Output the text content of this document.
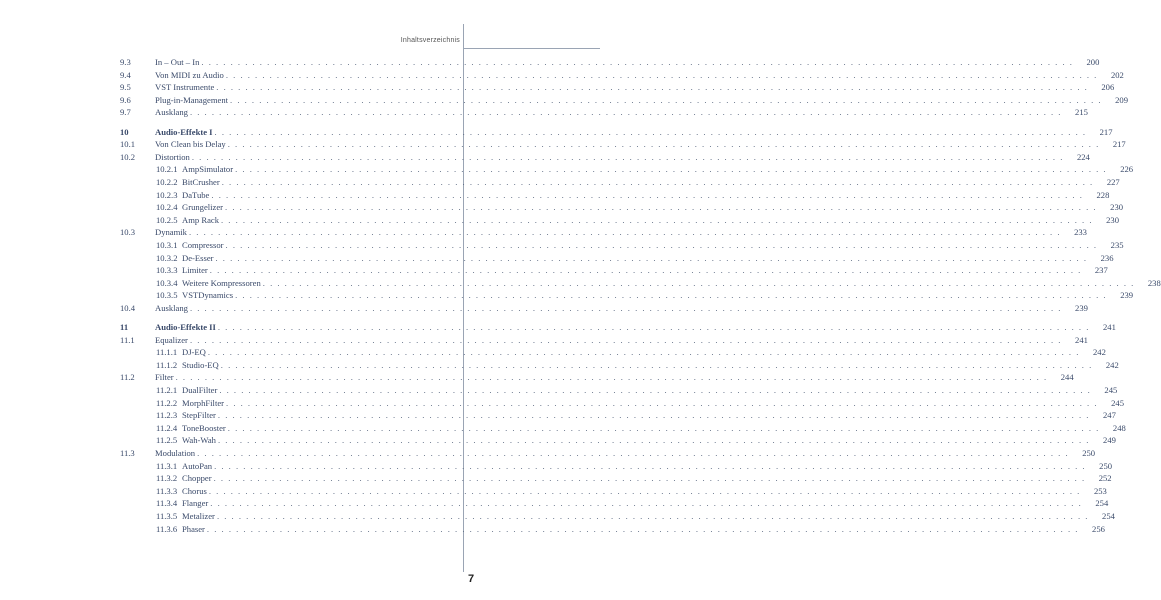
Inhaltsverzeichnis
9.3	In – Out – In . . . . . . . . . . . . . . . . . . . . . . . . . . . . . . . . . . . . . . . . . . . . . . . . . . . . . . . . . . . . . . . . . . . . . . . . . . . . . . . . . . . . . . . . . . . . . . . . . . . . . . . . . . . . . . . . . . . . . . . .	200
9.4	Von MIDI zu Audio . . . . . . . . . . . . . . . . . . . . . . . . . . . . . . . . . . . . . . . . . . . . . . . . . . . . . . . . . . . . . . . . . . . . . . . . . . . . . . . . . . . . . . . . . . . . . . . . . . . . . . . . . . . . . . . . . . . . . . . .	202
9.5	VST Instrumente . . . . . . . . . . . . . . . . . . . . . . . . . . . . . . . . . . . . . . . . . . . . . . . . . . . . . . . . . . . . . . . . . . . . . . . . . . . . . . . . . . . . . . . . . . . . . . . . . . . . . . . . . . . . . . . . . . . . . . . .	206
9.6	Plug-in-Management . . . . . . . . . . . . . . . . . . . . . . . . . . . . . . . . . . . . . . . . . . . . . . . . . . . . . . . . . . . . . . . . . . . . . . . . . . . . . . . . . . . . . . . . . . . . . . . . . . . . . . . . . . . . . . . . . . . . . . . .	209
9.7	Ausklang . . . . . . . . . . . . . . . . . . . . . . . . . . . . . . . . . . . . . . . . . . . . . . . . . . . . . . . . . . . . . . . . . . . . . . . . . . . . . . . . . . . . . . . . . . . . . . . . . . . . . . . . . . . . . . . . . . . . . . . .	215
10	Audio-Effekte I . . . . . . . . . . . . . . . . . . . . . . . . . . . . . . . . . . . . . . . . . . . . . . . . . . . . . . . . . . . . . . . . . . . . . . . . . . . . . . . . . . . . . . . . . . . . . . . . . . . . . . . . . . . . . . . . . . . . . . . .	217
10.1 Von Clean bis Delay . . . . . . . . . . . . . . . . . . . . . . . . . . . . . . . . . . . . . . . . . . . . . . . . . . . . . . . . . . . . . . . . . . . . . . . . . . . . . . . . . . . . . . . . . . . . . . . . . . . . . . . . . . . . . . . . . . . . . . . .	217
10.2 Distortion . . . . . . . . . . . . . . . . . . . . . . . . . . . . . . . . . . . . . . . . . . . . . . . . . . . . . . . . . . . . . . . . . . . . . . . . . . . . . . . . . . . . . . . . . . . . . . . . . . . . . . . . . . . . . . . . . . . . . . . .	224
10.2.1 AmpSimulator . . . . . . . . . . . . . . . . . . . . . . . . . . . . . . . . . . . . . . . . . . . . . . . . . . . . . . . . . . . . . . . . . . . . . . . . . . . . . . . . . . . . . . . . . . . . . . . . . . . . . . . . . . . . . . . . . . . . . . . .	226
10.2.2 BitCrusher . . . . . . . . . . . . . . . . . . . . . . . . . . . . . . . . . . . . . . . . . . . . . . . . . . . . . . . . . . . . . . . . . . . . . . . . . . . . . . . . . . . . . . . . . . . . . . . . . . . . . . . . . . . . . . . . . . . . . . . .	227
10.2.3 DaTube . . . . . . . . . . . . . . . . . . . . . . . . . . . . . . . . . . . . . . . . . . . . . . . . . . . . . . . . . . . . . . . . . . . . . . . . . . . . . . . . . . . . . . . . . . . . . . . . . . . . . . . . . . . . . . . . . . . . . . . .	228
10.2.4 Grungelizer . . . . . . . . . . . . . . . . . . . . . . . . . . . . . . . . . . . . . . . . . . . . . . . . . . . . . . . . . . . . . . . . . . . . . . . . . . . . . . . . . . . . . . . . . . . . . . . . . . . . . . . . . . . . . . . . . . . . . . . .	230
10.2.5 Amp Rack . . . . . . . . . . . . . . . . . . . . . . . . . . . . . . . . . . . . . . . . . . . . . . . . . . . . . . . . . . . . . . . . . . . . . . . . . . . . . . . . . . . . . . . . . . . . . . . . . . . . . . . . . . . . . . . . . . . . . . . .	230
10.3 Dynamik . . . . . . . . . . . . . . . . . . . . . . . . . . . . . . . . . . . . . . . . . . . . . . . . . . . . . . . . . . . . . . . . . . . . . . . . . . . . . . . . . . . . . . . . . . . . . . . . . . . . . . . . . . . . . . . . . . . . . . . .	233
10.3.1 Compressor . . . . . . . . . . . . . . . . . . . . . . . . . . . . . . . . . . . . . . . . . . . . . . . . . . . . . . . . . . . . . . . . . . . . . . . . . . . . . . . . . . . . . . . . . . . . . . . . . . . . . . . . . . . . . . . . . . . . . . . .	235
10.3.2 De-Esser . . . . . . . . . . . . . . . . . . . . . . . . . . . . . . . . . . . . . . . . . . . . . . . . . . . . . . . . . . . . . . . . . . . . . . . . . . . . . . . . . . . . . . . . . . . . . . . . . . . . . . . . . . . . . . . . . . . . . . . .	236
10.3.3 Limiter . . . . . . . . . . . . . . . . . . . . . . . . . . . . . . . . . . . . . . . . . . . . . . . . . . . . . . . . . . . . . . . . . . . . . . . . . . . . . . . . . . . . . . . . . . . . . . . . . . . . . . . . . . . . . . . . . . . . . . . .	237
10.3.4 Weitere Kompressoren . . . . . . . . . . . . . . . . . . . . . . . . . . . . . . . . . . . . . . . . . . . . . . . . . . . . . . . . . . . . . . . . . . . . . . . . . . . . . . . . . . . . . . . . . . . . . . . . . . . . . . . . . . . . . . . . . . . . . . . .	238
10.3.5 VSTDynamics . . . . . . . . . . . . . . . . . . . . . . . . . . . . . . . . . . . . . . . . . . . . . . . . . . . . . . . . . . . . . . . . . . . . . . . . . . . . . . . . . . . . . . . . . . . . . . . . . . . . . . . . . . . . . . . . . . . . . . . .	239
10.4 Ausklang . . . . . . . . . . . . . . . . . . . . . . . . . . . . . . . . . . . . . . . . . . . . . . . . . . . . . . . . . . . . . . . . . . . . . . . . . . . . . . . . . . . . . . . . . . . . . . . . . . . . . . . . . . . . . . . . . . . . . . . .	239
11	Audio-Effekte II . . . . . . . . . . . . . . . . . . . . . . . . . . . . . . . . . . . . . . . . . . . . . . . . . . . . . . . . . . . . . . . . . . . . . . . . . . . . . . . . . . . . . . . . . . . . . . . . . . . . . . . . . . . . . . . . . . . . . . . .	241
11.1 Equalizer . . . . . . . . . . . . . . . . . . . . . . . . . . . . . . . . . . . . . . . . . . . . . . . . . . . . . . . . . . . . . . . . . . . . . . . . . . . . . . . . . . . . . . . . . . . . . . . . . . . . . . . . . . . . . . . . . . . . . . . .	241
11.1.1 DJ-EQ . . . . . . . . . . . . . . . . . . . . . . . . . . . . . . . . . . . . . . . . . . . . . . . . . . . . . . . . . . . . . . . . . . . . . . . . . . . . . . . . . . . . . . . . . . . . . . . . . . . . . . . . . . . . . . . . . . . . . . . .	242
11.1.2 Studio-EQ . . . . . . . . . . . . . . . . . . . . . . . . . . . . . . . . . . . . . . . . . . . . . . . . . . . . . . . . . . . . . . . . . . . . . . . . . . . . . . . . . . . . . . . . . . . . . . . . . . . . . . . . . . . . . . . . . . . . . . . .	242
11.2 Filter . . . . . . . . . . . . . . . . . . . . . . . . . . . . . . . . . . . . . . . . . . . . . . . . . . . . . . . . . . . . . . . . . . . . . . . . . . . . . . . . . . . . . . . . . . . . . . . . . . . . . . . . . . . . . . . . . . . . . . . .	244
11.2.1 DualFilter . . . . . . . . . . . . . . . . . . . . . . . . . . . . . . . . . . . . . . . . . . . . . . . . . . . . . . . . . . . . . . . . . . . . . . . . . . . . . . . . . . . . . . . . . . . . . . . . . . . . . . . . . . . . . . . . . . . . . . . .	245
11.2.2 MorphFilter . . . . . . . . . . . . . . . . . . . . . . . . . . . . . . . . . . . . . . . . . . . . . . . . . . . . . . . . . . . . . . . . . . . . . . . . . . . . . . . . . . . . . . . . . . . . . . . . . . . . . . . . . . . . . . . . . . . . . . . .	245
11.2.3 StepFilter . . . . . . . . . . . . . . . . . . . . . . . . . . . . . . . . . . . . . . . . . . . . . . . . . . . . . . . . . . . . . . . . . . . . . . . . . . . . . . . . . . . . . . . . . . . . . . . . . . . . . . . . . . . . . . . . . . . . . . . .	247
11.2.4 ToneBooster . . . . . . . . . . . . . . . . . . . . . . . . . . . . . . . . . . . . . . . . . . . . . . . . . . . . . . . . . . . . . . . . . . . . . . . . . . . . . . . . . . . . . . . . . . . . . . . . . . . . . . . . . . . . . . . . . . . . . . . .	248
11.2.5 Wah-Wah . . . . . . . . . . . . . . . . . . . . . . . . . . . . . . . . . . . . . . . . . . . . . . . . . . . . . . . . . . . . . . . . . . . . . . . . . . . . . . . . . . . . . . . . . . . . . . . . . . . . . . . . . . . . . . . . . . . . . . . .	249
11.3 Modulation . . . . . . . . . . . . . . . . . . . . . . . . . . . . . . . . . . . . . . . . . . . . . . . . . . . . . . . . . . . . . . . . . . . . . . . . . . . . . . . . . . . . . . . . . . . . . . . . . . . . . . . . . . . . . . . . . . . . . . . .	250
11.3.1 AutoPan . . . . . . . . . . . . . . . . . . . . . . . . . . . . . . . . . . . . . . . . . . . . . . . . . . . . . . . . . . . . . . . . . . . . . . . . . . . . . . . . . . . . . . . . . . . . . . . . . . . . . . . . . . . . . . . . . . . . . . . .	250
11.3.2 Chopper . . . . . . . . . . . . . . . . . . . . . . . . . . . . . . . . . . . . . . . . . . . . . . . . . . . . . . . . . . . . . . . . . . . . . . . . . . . . . . . . . . . . . . . . . . . . . . . . . . . . . . . . . . . . . . . . . . . . . . . .	252
11.3.3 Chorus . . . . . . . . . . . . . . . . . . . . . . . . . . . . . . . . . . . . . . . . . . . . . . . . . . . . . . . . . . . . . . . . . . . . . . . . . . . . . . . . . . . . . . . . . . . . . . . . . . . . . . . . . . . . . . . . . . . . . . . .	253
11.3.4 Flanger . . . . . . . . . . . . . . . . . . . . . . . . . . . . . . . . . . . . . . . . . . . . . . . . . . . . . . . . . . . . . . . . . . . . . . . . . . . . . . . . . . . . . . . . . . . . . . . . . . . . . . . . . . . . . . . . . . . . . . . .	254
11.3.5 Metalizer . . . . . . . . . . . . . . . . . . . . . . . . . . . . . . . . . . . . . . . . . . . . . . . . . . . . . . . . . . . . . . . . . . . . . . . . . . . . . . . . . . . . . . . . . . . . . . . . . . . . . . . . . . . . . . . . . . . . . . . .	254
11.3.6 Phaser . . . . . . . . . . . . . . . . . . . . . . . . . . . . . . . . . . . . . . . . . . . . . . . . . . . . . . . . . . . . . . . . . . . . . . . . . . . . . . . . . . . . . . . . . . . . . . . . . . . . . . . . . . . . . . . . . . . . . . . .	256
7
